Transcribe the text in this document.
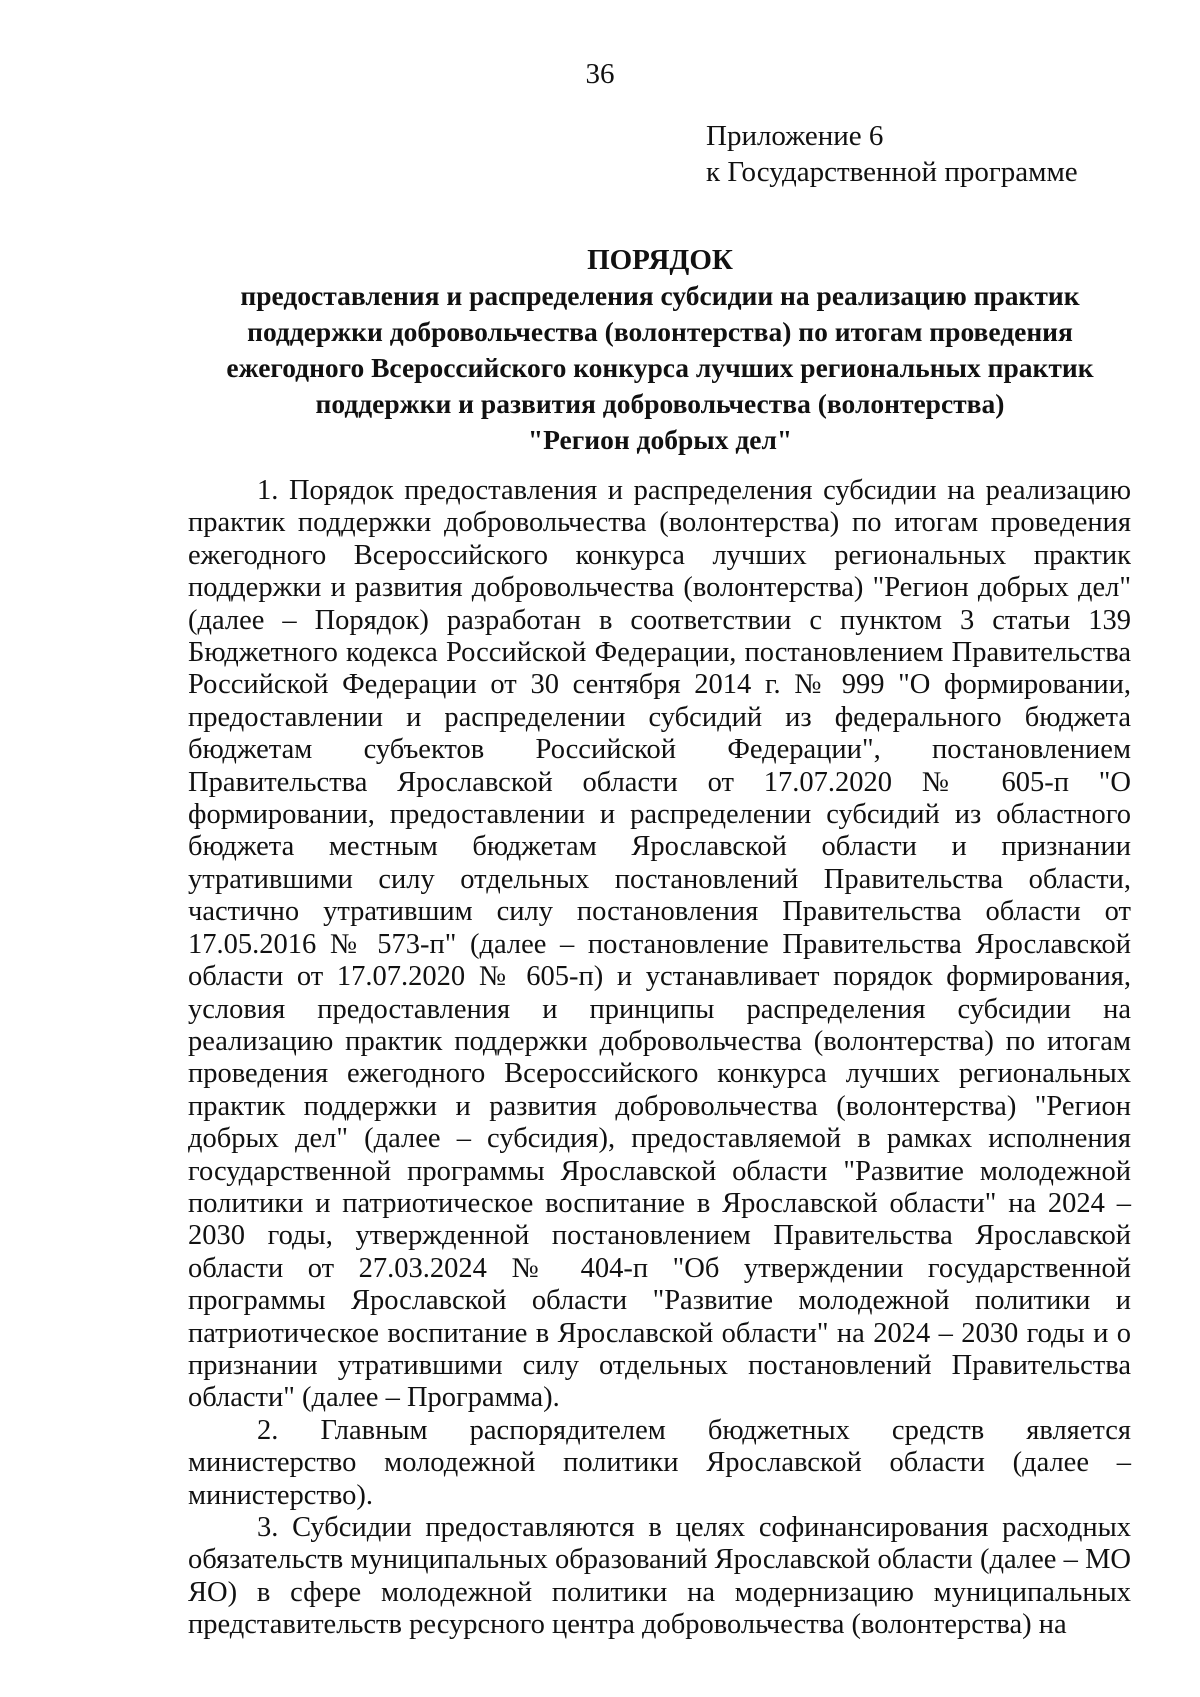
36
Приложение 6
к Государственной программе
ПОРЯДОК
предоставления и распределения субсидии на реализацию практик
поддержки добровольчества (волонтерства) по итогам проведения
ежегодного Всероссийского конкурса лучших региональных практик
поддержки и развития добровольчества (волонтерства)
"Регион добрых дел"

1. Порядок предоставления и распределения субсидии на реализацию практик поддержки добровольчества (волонтерства) по итогам проведения ежегодного Всероссийского конкурса лучших региональных практик поддержки и развития добровольчества (волонтерства) "Регион добрых дел" (далее – Порядок) разработан в соответствии с пунктом 3 статьи 139 Бюджетного кодекса Российской Федерации, постановлением Правительства Российской Федерации от 30 сентября 2014 г. № 999 "О формировании, предоставлении и распределении субсидий из федерального бюджета бюджетам субъектов Российской Федерации", постановлением Правительства Ярославской области от 17.07.2020 № 605-п "О формировании, предоставлении и распределении субсидий из областного бюджета местным бюджетам Ярославской области и признании утратившими силу отдельных постановлений Правительства области, частично утратившим силу постановления Правительства области от 17.05.2016 № 573-п" (далее – постановление Правительства Ярославской области от 17.07.2020 № 605-п) и устанавливает порядок формирования, условия предоставления и принципы распределения субсидии на реализацию практик поддержки добровольчества (волонтерства) по итогам проведения ежегодного Всероссийского конкурса лучших региональных практик поддержки и развития добровольчества (волонтерства) "Регион добрых дел" (далее – субсидия), предоставляемой в рамках исполнения государственной программы Ярославской области "Развитие молодежной политики и патриотическое воспитание в Ярославской области" на 2024 – 2030 годы, утвержденной постановлением Правительства Ярославской области от 27.03.2024 № 404-п "Об утверждении государственной программы Ярославской области "Развитие молодежной политики и патриотическое воспитание в Ярославской области" на 2024 – 2030 годы и о признании утратившими силу отдельных постановлений Правительства области" (далее – Программа).

2. Главным распорядителем бюджетных средств является министерство молодежной политики Ярославской области (далее – министерство).

3. Субсидии предоставляются в целях софинансирования расходных обязательств муниципальных образований Ярославской области (далее – МО ЯО) в сфере молодежной политики на модернизацию муниципальных представительств ресурсного центра добровольчества (волонтерства) на
